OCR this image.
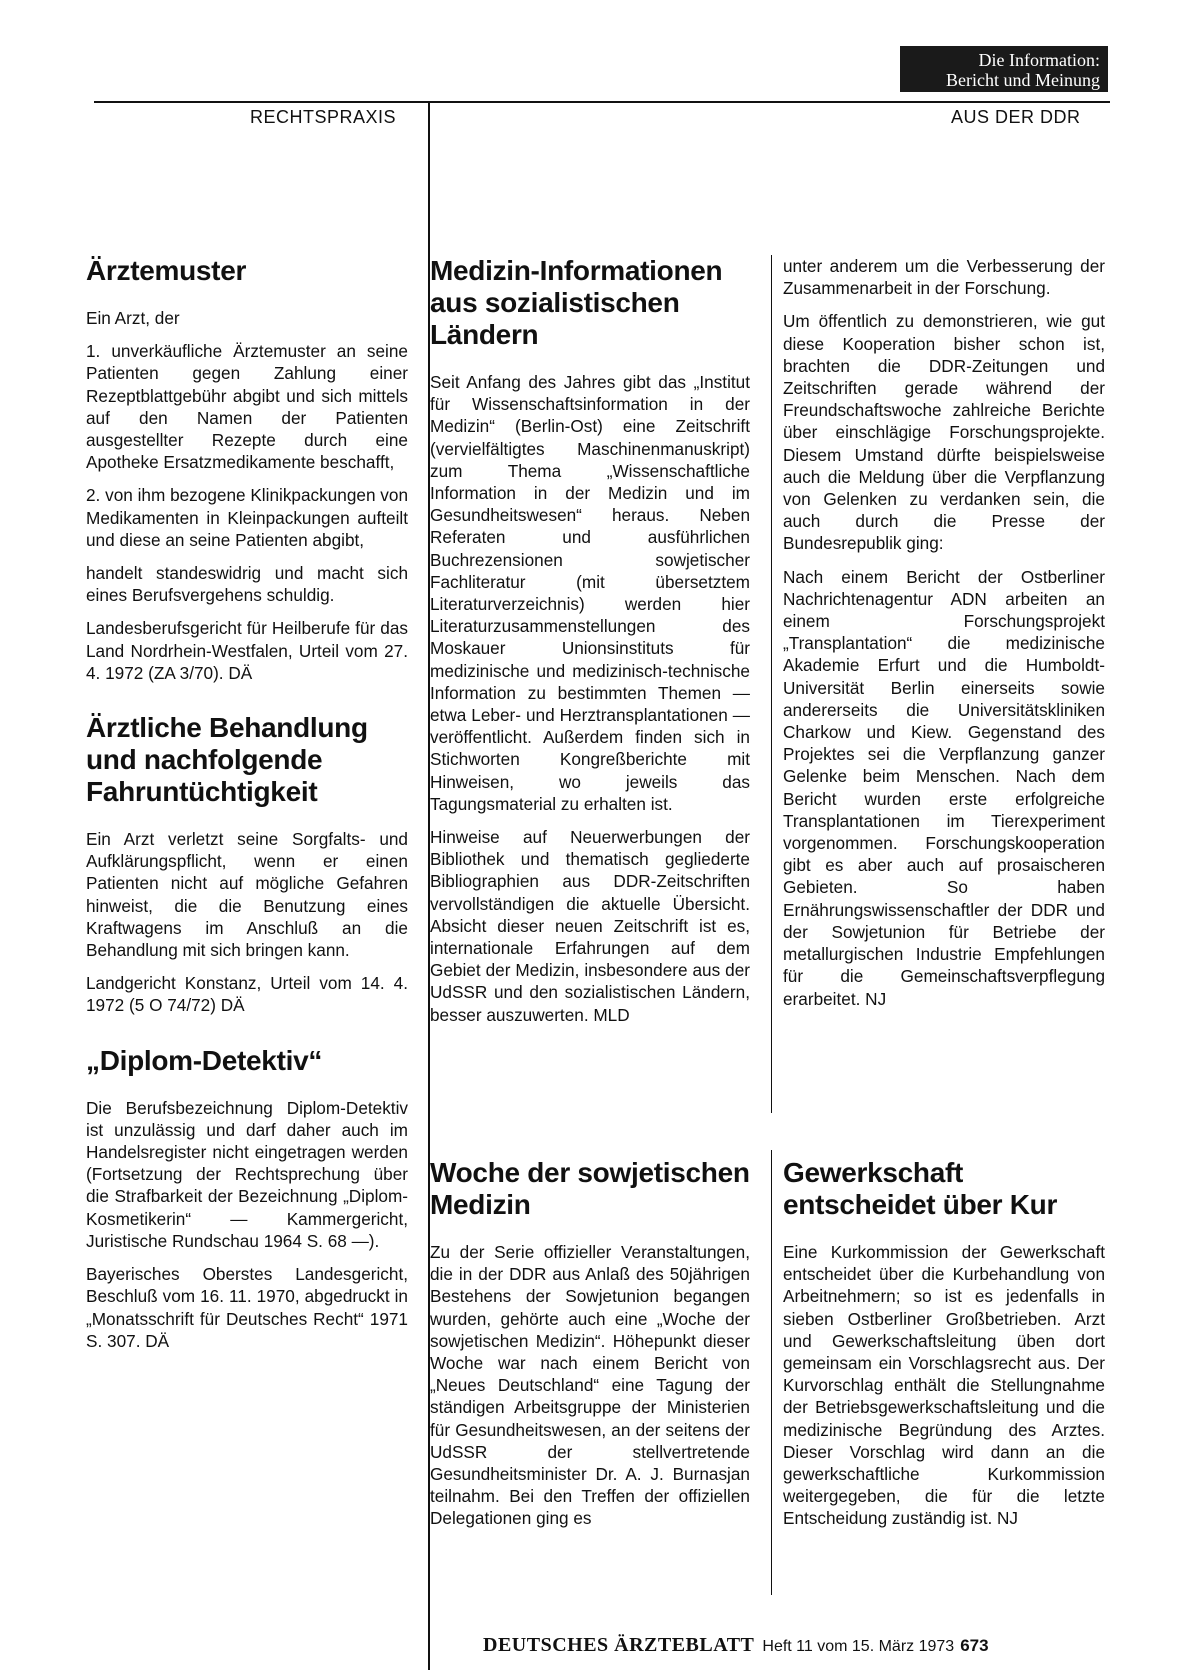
Die Information:
Bericht und Meinung
RECHTSPRAXIS	AUS DER DDR
Ärztemuster

Ein Arzt, der

1. unverkäufliche Ärztemuster an seine Patienten gegen Zahlung einer Rezeptblattgebühr abgibt und sich mittels auf den Namen der Patienten ausgestellter Rezepte durch eine Apotheke Ersatzmedikamente beschafft,

2. von ihm bezogene Klinikpackungen von Medikamenten in Kleinpackungen aufteilt und diese an seine Patienten abgibt,

handelt standeswidrig und macht sich eines Berufsvergehens schuldig.

Landesberufsgericht für Heilberufe für das Land Nordrhein-Westfalen, Urteil vom 27. 4. 1972 (ZA 3/70). DÄ

Ärztliche Behandlung und nachfolgende Fahruntüchtigkeit

Ein Arzt verletzt seine Sorgfalts- und Aufklärungspflicht, wenn er einen Patienten nicht auf mögliche Gefahren hinweist, die die Benutzung eines Kraftwagens im Anschluß an die Behandlung mit sich bringen kann.

Landgericht Konstanz, Urteil vom 14. 4. 1972 (5 O 74/72) DÄ

„Diplom-Detektiv“

Die Berufsbezeichnung Diplom-Detektiv ist unzulässig und darf daher auch im Handelsregister nicht eingetragen werden (Fortsetzung der Rechtsprechung über die Strafbarkeit der Bezeichnung „Diplom-Kosmetikerin“ — Kammergericht, Juristische Rundschau 1964 S. 68 —).

Bayerisches Oberstes Landesgericht, Beschluß vom 16. 11. 1970, abgedruckt in „Monatsschrift für Deutsches Recht“ 1971 S. 307. DÄ

Medizin-Informationen aus sozialistischen Ländern

Seit Anfang des Jahres gibt das „Institut für Wissenschaftsinformation in der Medizin“ (Berlin-Ost) eine Zeitschrift (vervielfältigtes Maschinenmanuskript) zum Thema „Wissenschaftliche Information in der Medizin und im Gesundheitswesen“ heraus. Neben Referaten und ausführlichen Buchrezensionen sowjetischer Fachliteratur (mit übersetztem Literaturverzeichnis) werden hier Literaturzusammenstellungen des Moskauer Unionsinstituts für medizinische und medizinisch-technische Information zu bestimmten Themen — etwa Leber- und Herztransplantationen — veröffentlicht. Außerdem finden sich in Stichworten Kongreßberichte mit Hinweisen, wo jeweils das Tagungsmaterial zu erhalten ist.

Hinweise auf Neuerwerbungen der Bibliothek und thematisch gegliederte Bibliographien aus DDR-Zeitschriften vervollständigen die aktuelle Übersicht. Absicht dieser neuen Zeitschrift ist es, internationale Erfahrungen auf dem Gebiet der Medizin, insbesondere aus der UdSSR und den sozialistischen Ländern, besser auszuwerten. MLD

Woche der sowjetischen Medizin

Zu der Serie offizieller Veranstaltungen, die in der DDR aus Anlaß des 50jährigen Bestehens der Sowjetunion begangen wurden, gehörte auch eine „Woche der sowjetischen Medizin“. Höhepunkt dieser Woche war nach einem Bericht von „Neues Deutschland“ eine Tagung der ständigen Arbeitsgruppe der Ministerien für Gesundheitswesen, an der seitens der UdSSR der stellvertretende Gesundheitsminister Dr. A. J. Burnasjan teilnahm. Bei den Treffen der offiziellen Delegationen ging es

unter anderem um die Verbesserung der Zusammenarbeit in der Forschung.

Um öffentlich zu demonstrieren, wie gut diese Kooperation bisher schon ist, brachten die DDR-Zeitungen und Zeitschriften gerade während der Freundschaftswoche zahlreiche Berichte über einschlägige Forschungsprojekte. Diesem Umstand dürfte beispielsweise auch die Meldung über die Verpflanzung von Gelenken zu verdanken sein, die auch durch die Presse der Bundesrepublik ging:

Nach einem Bericht der Ostberliner Nachrichtenagentur ADN arbeiten an einem Forschungsprojekt „Transplantation“ die medizinische Akademie Erfurt und die Humboldt-Universität Berlin einerseits sowie andererseits die Universitätskliniken Charkow und Kiew. Gegenstand des Projektes sei die Verpflanzung ganzer Gelenke beim Menschen. Nach dem Bericht wurden erste erfolgreiche Transplantationen im Tierexperiment vorgenommen. Forschungskooperation gibt es aber auch auf prosaischeren Gebieten. So haben Ernährungswissenschaftler der DDR und der Sowjetunion für Betriebe der metallurgischen Industrie Empfehlungen für die Gemeinschaftsverpflegung erarbeitet. NJ

Gewerkschaft entscheidet über Kur

Eine Kurkommission der Gewerkschaft entscheidet über die Kurbehandlung von Arbeitnehmern; so ist es jedenfalls in sieben Ostberliner Großbetrieben. Arzt und Gewerkschaftsleitung üben dort gemeinsam ein Vorschlagsrecht aus. Der Kurvorschlag enthält die Stellungnahme der Betriebsgewerkschaftsleitung und die medizinische Begründung des Arztes. Dieser Vorschlag wird dann an die gewerkschaftliche Kurkommission weitergegeben, die für die letzte Entscheidung zuständig ist. NJ

DEUTSCHES ÄRZTEBLATT Heft 11 vom 15. März 1973 673
